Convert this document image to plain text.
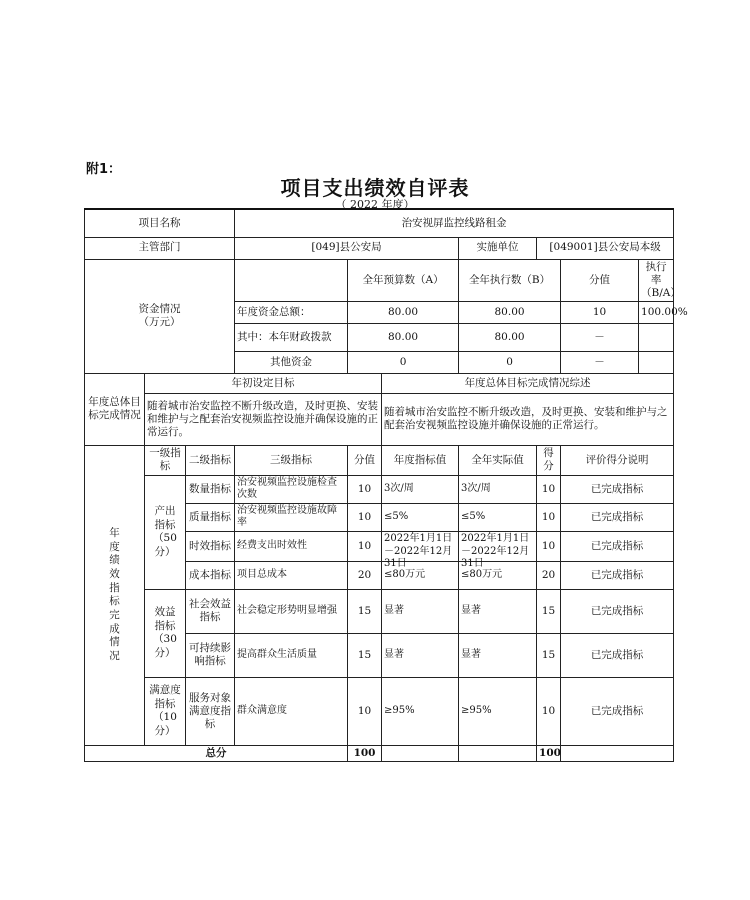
附1：
项目支出绩效自评表
（ 2022 年度）
项目名称			治安视屏监控线路租金						
主管部门			[049]县公安局			实施单位	[049001]县公安局本级		
资金情况
（万元）				全年预算数（A）		全年执行数（B）		分值	执行率（B/A）
			年度资金总额：	80.00		80.00		10	100.00%
			其中：本年财政拨款	80.00		80.00		－	
			其他资金	0		0		－	
年度总体目标完成情况	年初设定目标				年度总体目标完成情况综述				
	随着城市治安监控不断升级改造，及时更换、安装和维护与之配套治安视频监控设施并确保设施的正常运行。				随着城市治安监控不断升级改造，及时更换、安装和维护与之配套治安视频监控设施并确保设施的正常运行。				
年度绩效指标完成情况	一级指标	二级指标	三级指标	分值	年度指标值	全年实际值	得分	评价得分说明	
	产出指标（50分）	数量指标	治安视频监控设施检查次数	10	3次/周	3次/周	10	已完成指标	
		质量指标	治安视频监控设施故障率	10	≤5%	≤5%	10	已完成指标	
		时效指标	经费支出时效性	10	2022年1月1日－2022年12月31日	2022年1月1日－2022年12月31日	10	已完成指标	
		成本指标	项目总成本	20	≤80万元	≤80万元	20	已完成指标	
	效益指标（30分）	社会效益指标	社会稳定形势明显增强	15	显著	显著	15	已完成指标	
		可持续影响指标	提高群众生活质量	15	显著	显著	15	已完成指标	
	满意度指标（10分）	服务对象满意度指标	群众满意度	10	≥95%	≥95%	10	已完成指标	
总分				100			100		
